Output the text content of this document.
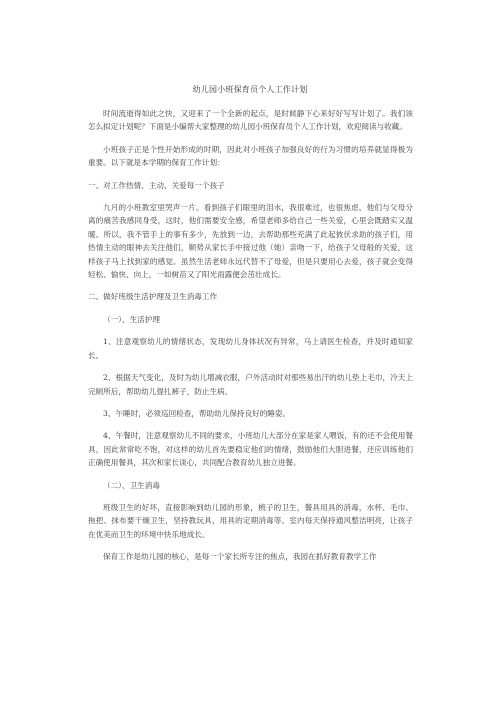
幼儿园小班保育员个人工作计划

时间流逝得如此之快，又迎来了一个全新的起点，是时候静下心来好好写写计划了。我们该怎么拟定计划呢？下面是小编帮大家整理的幼儿园小班保育员个人工作计划，欢迎阅读与收藏。

小班孩子正是个性开始形成的时期，因此对小班孩子加强良好的行为习惯的培养就显得极为重要。以下就是本学期的保育工作计划：

一、对工作热情、主动、关爱每一个孩子

九月的小班教室里哭声一片。看到孩子们眼里的泪水，我很难过，也很焦虑，他们与父母分离的痛苦我感同身受，这时，他们需要安全感，希望老师多给自己一些关爱，心里会既踏实又温暖。所以，我不管手上的事有多少，先放到一边，去帮助那些充满了此起彼伏求助的孩子们，用热情主动的眼神去关注他们，顺势从家长手中接过他（她）亲吻一下，给孩子父母般的关爱，这样孩子马上找到家的感觉。虽然生活老师永远代替不了母爱，但是只要用心去爱，孩子就会变得轻松、愉快、向上，一如树苗又了阳光雨露便会茁壮成长。

二、做好班级生活护理及卫生消毒工作

（一）、生活护理

1、注意观察幼儿的情绪状态，发现幼儿身体状况有异常，马上请医生检查，并及时通知家长。

2、根据天气变化，及时为幼儿增减衣服，户外活动时对那些易出汗的幼儿垫上毛巾，冷天上完厕所后，帮助幼儿提扎裤子，防止生病。

3、午睡时，必须巡回检查，帮助幼儿保持良好的睡姿。

4、午餐时，注意观察幼儿不同的要求，小班幼儿大部分在家是家人喂饭，有的还不会使用餐具，因此常常吃不饱，对这样的幼儿首先要稳定他们的情绪，鼓励他们大胆进餐，还应训练他们正确使用餐具，其次和家长谈心，共同配合教育幼儿独立进餐。

（二）、卫生消毒

班级卫生的好坏，直接影响到幼儿园的形象，梳子的卫生，餐具用具的消毒，水杯、毛巾、拖把、抹布要干燥卫生，坚持教玩具、用具的定期消毒等。室内每天保持通风整洁明亮，让孩子在优美而卫生的环境中快乐地成长。

保育工作是幼儿园的核心，是每一个家长所专注的焦点，我园在抓好教育教学工作
